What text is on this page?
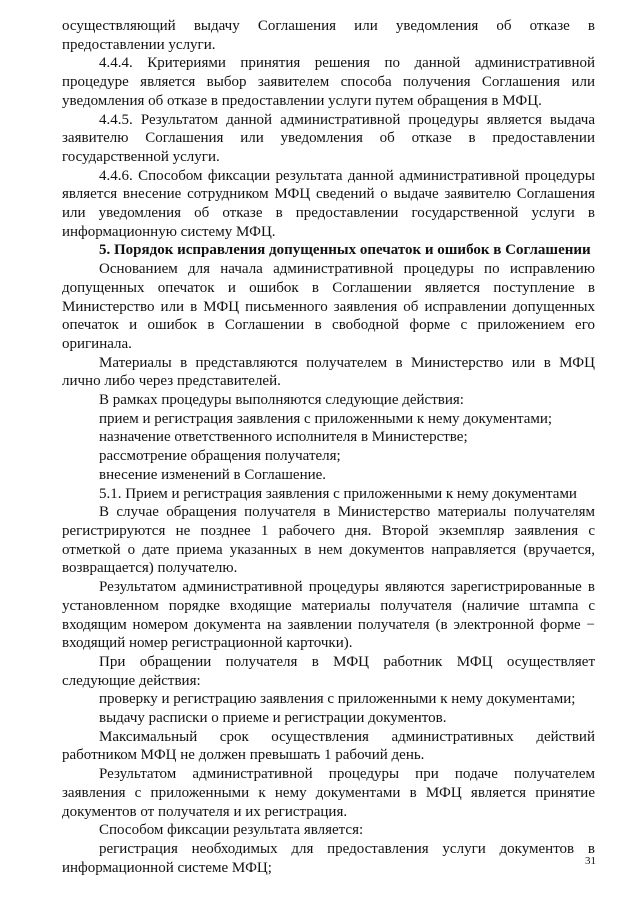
осуществляющий выдачу Соглашения или уведомления об отказе в предоставлении услуги.

4.4.4. Критериями принятия решения по данной административной процедуре является выбор заявителем способа получения Соглашения или уведомления об отказе в предоставлении услуги путем обращения в МФЦ.

4.4.5. Результатом данной административной процедуры является выдача заявителю Соглашения или уведомления об отказе в предоставлении государственной услуги.

4.4.6. Способом фиксации результата данной административной процедуры является внесение сотрудником МФЦ сведений о выдаче заявителю Соглашения или уведомления об отказе в предоставлении государственной услуги в информационную систему МФЦ.

5. Порядок исправления допущенных опечаток и ошибок в Соглашении

Основанием для начала административной процедуры по исправлению допущенных опечаток и ошибок в Соглашении является поступление в Министерство или в МФЦ письменного заявления об исправлении допущенных опечаток и ошибок в Соглашении в свободной форме с приложением его оригинала.

Материалы в представляются получателем в Министерство или в МФЦ лично либо через представителей.

В рамках процедуры выполняются следующие действия:

прием и регистрация заявления с приложенными к нему документами;

назначение ответственного исполнителя в Министерстве;

рассмотрение обращения получателя;

внесение изменений в Соглашение.

5.1. Прием и регистрация заявления с приложенными к нему документами

В случае обращения получателя в Министерство материалы получателям регистрируются не позднее 1 рабочего дня. Второй экземпляр заявления с отметкой о дате приема указанных в нем документов направляется (вручается, возвращается) получателю.

Результатом административной процедуры являются зарегистрированные в установленном порядке входящие материалы получателя (наличие штампа с входящим номером документа на заявлении получателя (в электронной форме − входящий номер регистрационной карточки).

При обращении получателя в МФЦ работник МФЦ осуществляет следующие действия:

проверку и регистрацию заявления с приложенными к нему документами;

выдачу расписки о приеме и регистрации документов.

Максимальный срок осуществления административных действий работником МФЦ не должен превышать 1 рабочий день.

Результатом административной процедуры при подаче получателем заявления с приложенными к нему документами в МФЦ является принятие документов от получателя и их регистрация.

Способом фиксации результата является:

регистрация необходимых для предоставления услуги документов в информационной системе МФЦ;	31
